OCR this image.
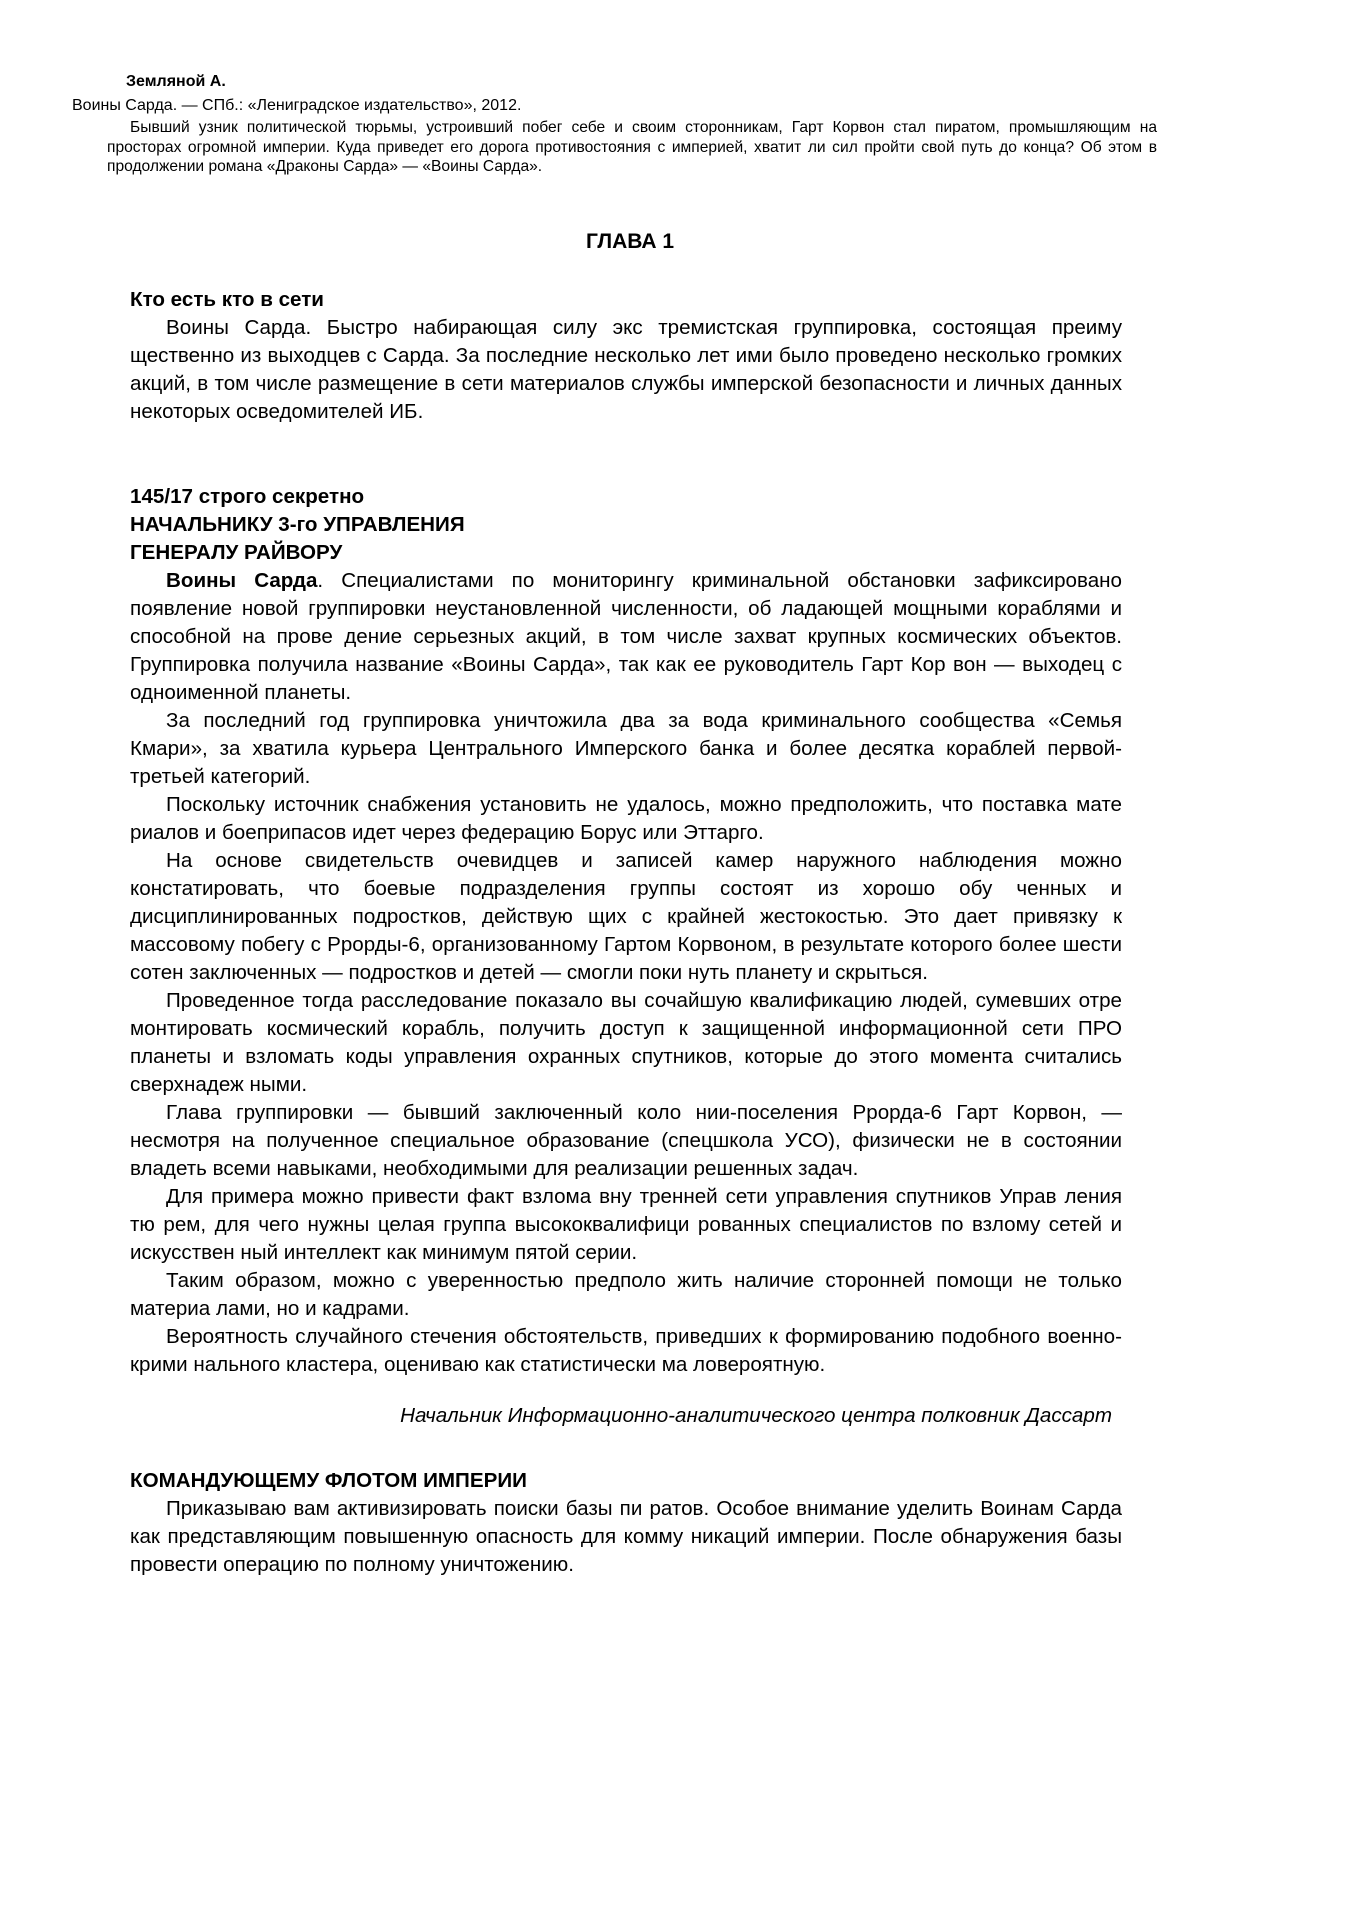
Земляной А.

Воины Сарда. — СПб.: «Лениградское издательство», 2012.

Бывший узник политической тюрьмы, устроивший побег себе и своим сторонникам, Гарт Корвон стал пиратом, промышляющим на просторах огромной империи. Куда приведет его дорога противостояния с империей, хватит ли сил пройти свой путь до конца? Об этом в продолжении романа «Драконы Сарда» — «Воины Сарда».

ГЛАВА 1

Кто есть кто в сети

Воины Сарда. Быстро набирающая силу экс тремистская группировка, состоящая преиму щественно из выходцев с Сарда. За последние несколько лет ими было проведено несколько громких акций, в том числе размещение в сети материалов службы имперской безопасности и личных данных некоторых осведомителей ИБ.

145/17 строго секретно

НАЧАЛЬНИКУ 3-го УПРАВЛЕНИЯ

ГЕНЕРАЛУ РАЙВОРУ

Воины Сарда. Специалистами по мониторингу криминальной обстановки зафиксировано появление новой группировки неустановленной численности, об ладающей мощными кораблями и способной на прове дение серьезных акций, в том числе захват крупных космических объектов. Группировка получила название «Воины Сарда», так как ее руководитель Гарт Кор вон — выходец с одноименной планеты.

За последний год группировка уничтожила два за вода криминального сообщества «Семья Кмари», за хватила курьера Центрального Имперского банка и более десятка кораблей первой-третьей категорий.

Поскольку источник снабжения установить не удалось, можно предположить, что поставка мате риалов и боеприпасов идет через федерацию Борус или Эттарго.

На основе свидетельств очевидцев и записей камер наружного наблюдения можно констатировать, что боевые подразделения группы состоят из хорошо обу ченных и дисциплинированных подростков, действую щих с крайней жестокостью. Это дает привязку к массовому побегу с Ррорды-6, организованному Гартом Корвоном, в результате которого более шести сотен заключенных — подростков и детей — смогли поки нуть планету и скрыться.

Проведенное тогда расследование показало вы сочайшую квалификацию людей, сумевших отре монтировать космический корабль, получить доступ к защищенной информационной сети ПРО планеты и взломать коды управления охранных спутников, которые до этого момента считались сверхнадеж ными.

Глава группировки — бывший заключенный коло нии-поселения Ррорда-6 Гарт Корвон, — несмотря на полученное специальное образование (спецшкола УСО), физически не в состоянии владеть всеми навыками, необходимыми для реализации решенных задач.

Для примера можно привести факт взлома вну тренней сети управления спутников Управ ления тю рем, для чего нужны целая группа высококвалифици рованных специалистов по взлому сетей и искусствен ный интеллект как минимум пятой серии.

Таким образом, можно с уверенностью предполо жить наличие сторонней помощи не только материа лами, но и кадрами.

Вероятность случайного стечения обстоятельств, приведших к формированию подобного военно-крими нального кластера, оцениваю как статистически ма ловероятную.

Начальник Информационно-аналитического центра полковник Дассарт

КОМАНДУЮЩЕМУ ФЛОТОМ ИМПЕРИИ

Приказываю вам активизировать поиски базы пи ратов. Особое внимание уделить Воинам Сарда как представляющим повышенную опасность для комму никаций империи. После обнаружения базы провести операцию по полному уничтожению.
